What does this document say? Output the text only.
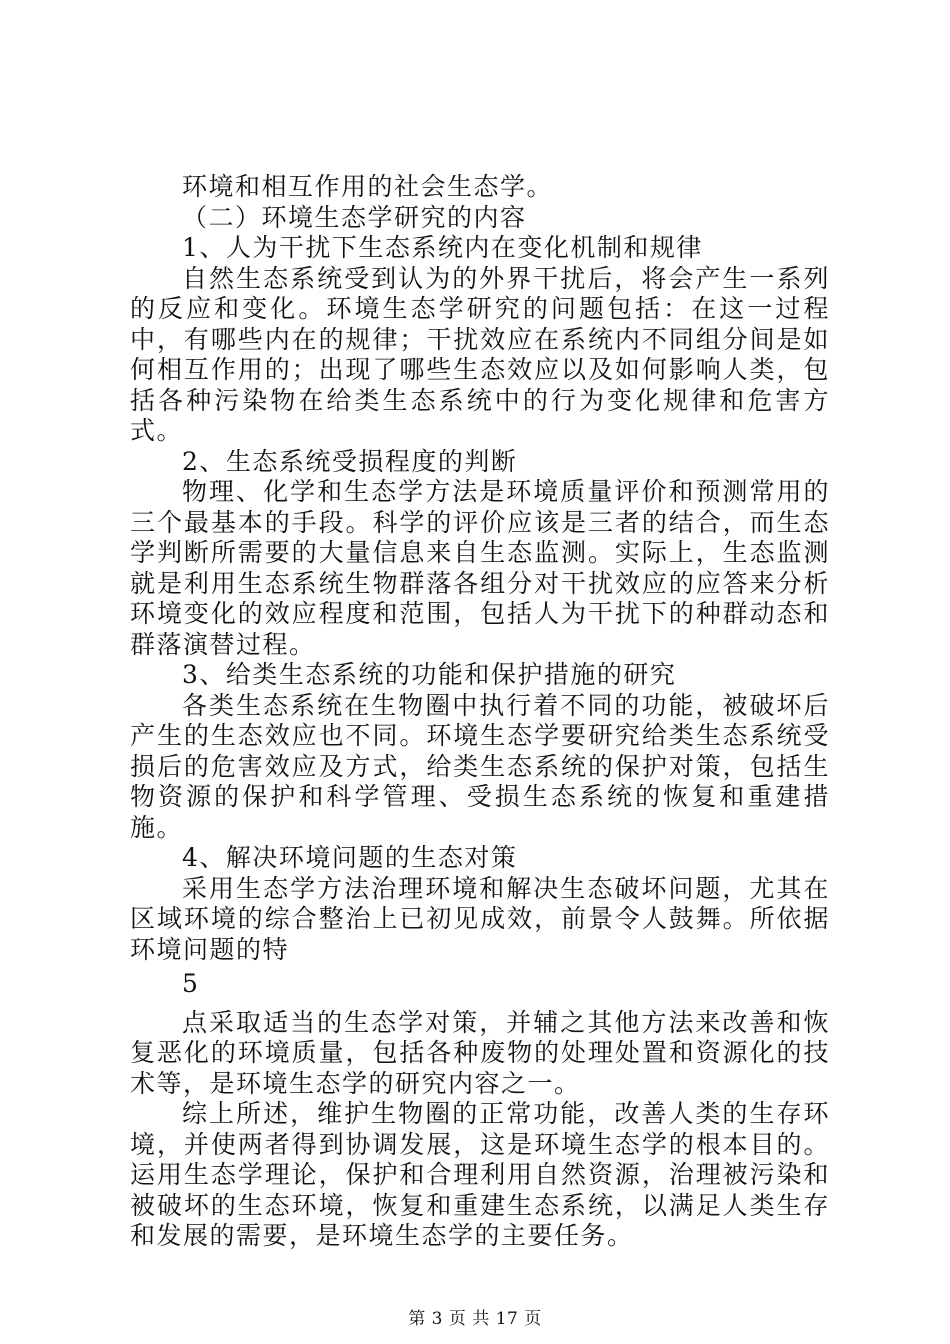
环境和相互作用的社会生态学。

（二）环境生态学研究的内容

1、人为干扰下生态系统内在变化机制和规律

自然生态系统受到认为的外界干扰后，将会产生一系列的反应和变化。环境生态学研究的问题包括：在这一过程中，有哪些内在的规律；干扰效应在系统内不同组分间是如何相互作用的；出现了哪些生态效应以及如何影响人类，包括各种污染物在给类生态系统中的行为变化规律和危害方式。

2、生态系统受损程度的判断

物理、化学和生态学方法是环境质量评价和预测常用的三个最基本的手段。科学的评价应该是三者的结合，而生态学判断所需要的大量信息来自生态监测。实际上，生态监测就是利用生态系统生物群落各组分对干扰效应的应答来分析环境变化的效应程度和范围，包括人为干扰下的种群动态和群落演替过程。

3、给类生态系统的功能和保护措施的研究

各类生态系统在生物圈中执行着不同的功能，被破坏后产生的生态效应也不同。环境生态学要研究给类生态系统受损后的危害效应及方式，给类生态系统的保护对策，包括生物资源的保护和科学管理、受损生态系统的恢复和重建措施。

4、解决环境问题的生态对策

采用生态学方法治理环境和解决生态破坏问题，尤其在区域环境的综合整治上已初见成效，前景令人鼓舞。所依据环境问题的特

5

点采取适当的生态学对策，并辅之其他方法来改善和恢复恶化的环境质量，包括各种废物的处理处置和资源化的技术等，是环境生态学的研究内容之一。

综上所述，维护生物圈的正常功能，改善人类的生存环境，并使两者得到协调发展，这是环境生态学的根本目的。运用生态学理论，保护和合理利用自然资源，治理被污染和被破坏的生态环境，恢复和重建生态系统，以满足人类生存和发展的需要，是环境生态学的主要任务。

第 3 页 共 17 页
